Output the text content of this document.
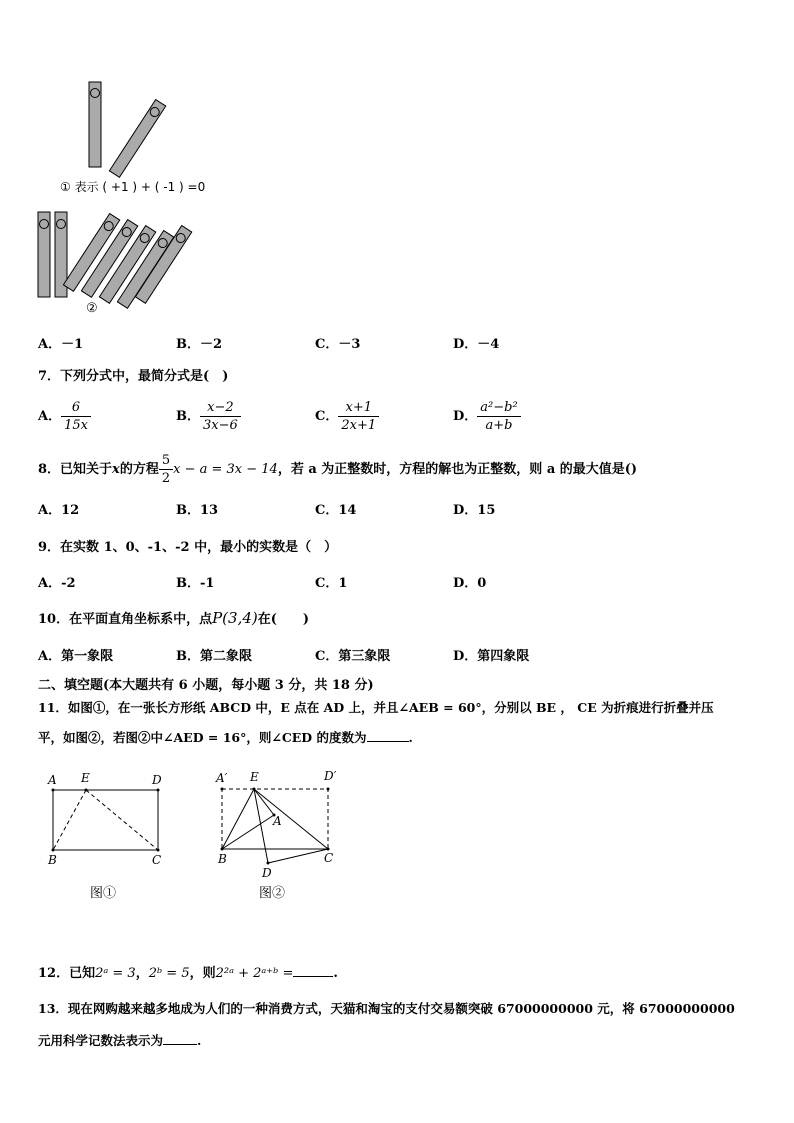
① 表示 ( +1 ) + ( -1 ) =0
②
A．－1	B．－2	C．－3	D．－4
7．下列分式中，最简分式是(　)
A． $\frac{6}{15x}$	B． $\frac{x-2}{3x-6}$	C． $\frac{x+1}{2x+1}$	D． $\frac{\text{a²−b²}}{a+b}$
8．已知关于x的方程 $\frac{5}{2}$ x − a = 3x − 14，若 a 为正整数时，方程的解也为正整数，则 a 的最大值是()
A．12	B．13	C．14	D．15
9．在实数 1、0、-1、-2 中，最小的实数是（　）
A．-2	B．-1	C．1	D．0
10．在平面直角坐标系中，点P(3,4)在(　　)
A．第一象限	B．第二象限	C．第三象限	D．第四象限
二、填空题(本大题共有 6 小题，每小题 3 分，共 18 分)
11．如图①，在一张长方形纸 ABCD 中，E 点在 AD 上，并且∠AEB = 60°，分别以 BE ， CE 为折痕进行折叠并压
平，如图②，若图②中∠AED = 16°，则∠CED 的度数为	.
A E	D
B	C
图①
A′ E	D′
A
B	C
D
图②
12．已知2ᵃ = 3，2ᵇ = 5，则2²ᵃ + 2ᵃ⁺ᵇ =	.
13．现在网购越来越多地成为人们的一种消费方式，天猫和淘宝的支付交易额突破 67000000000 元，将 67000000000
元用科学记数法表示为	.
